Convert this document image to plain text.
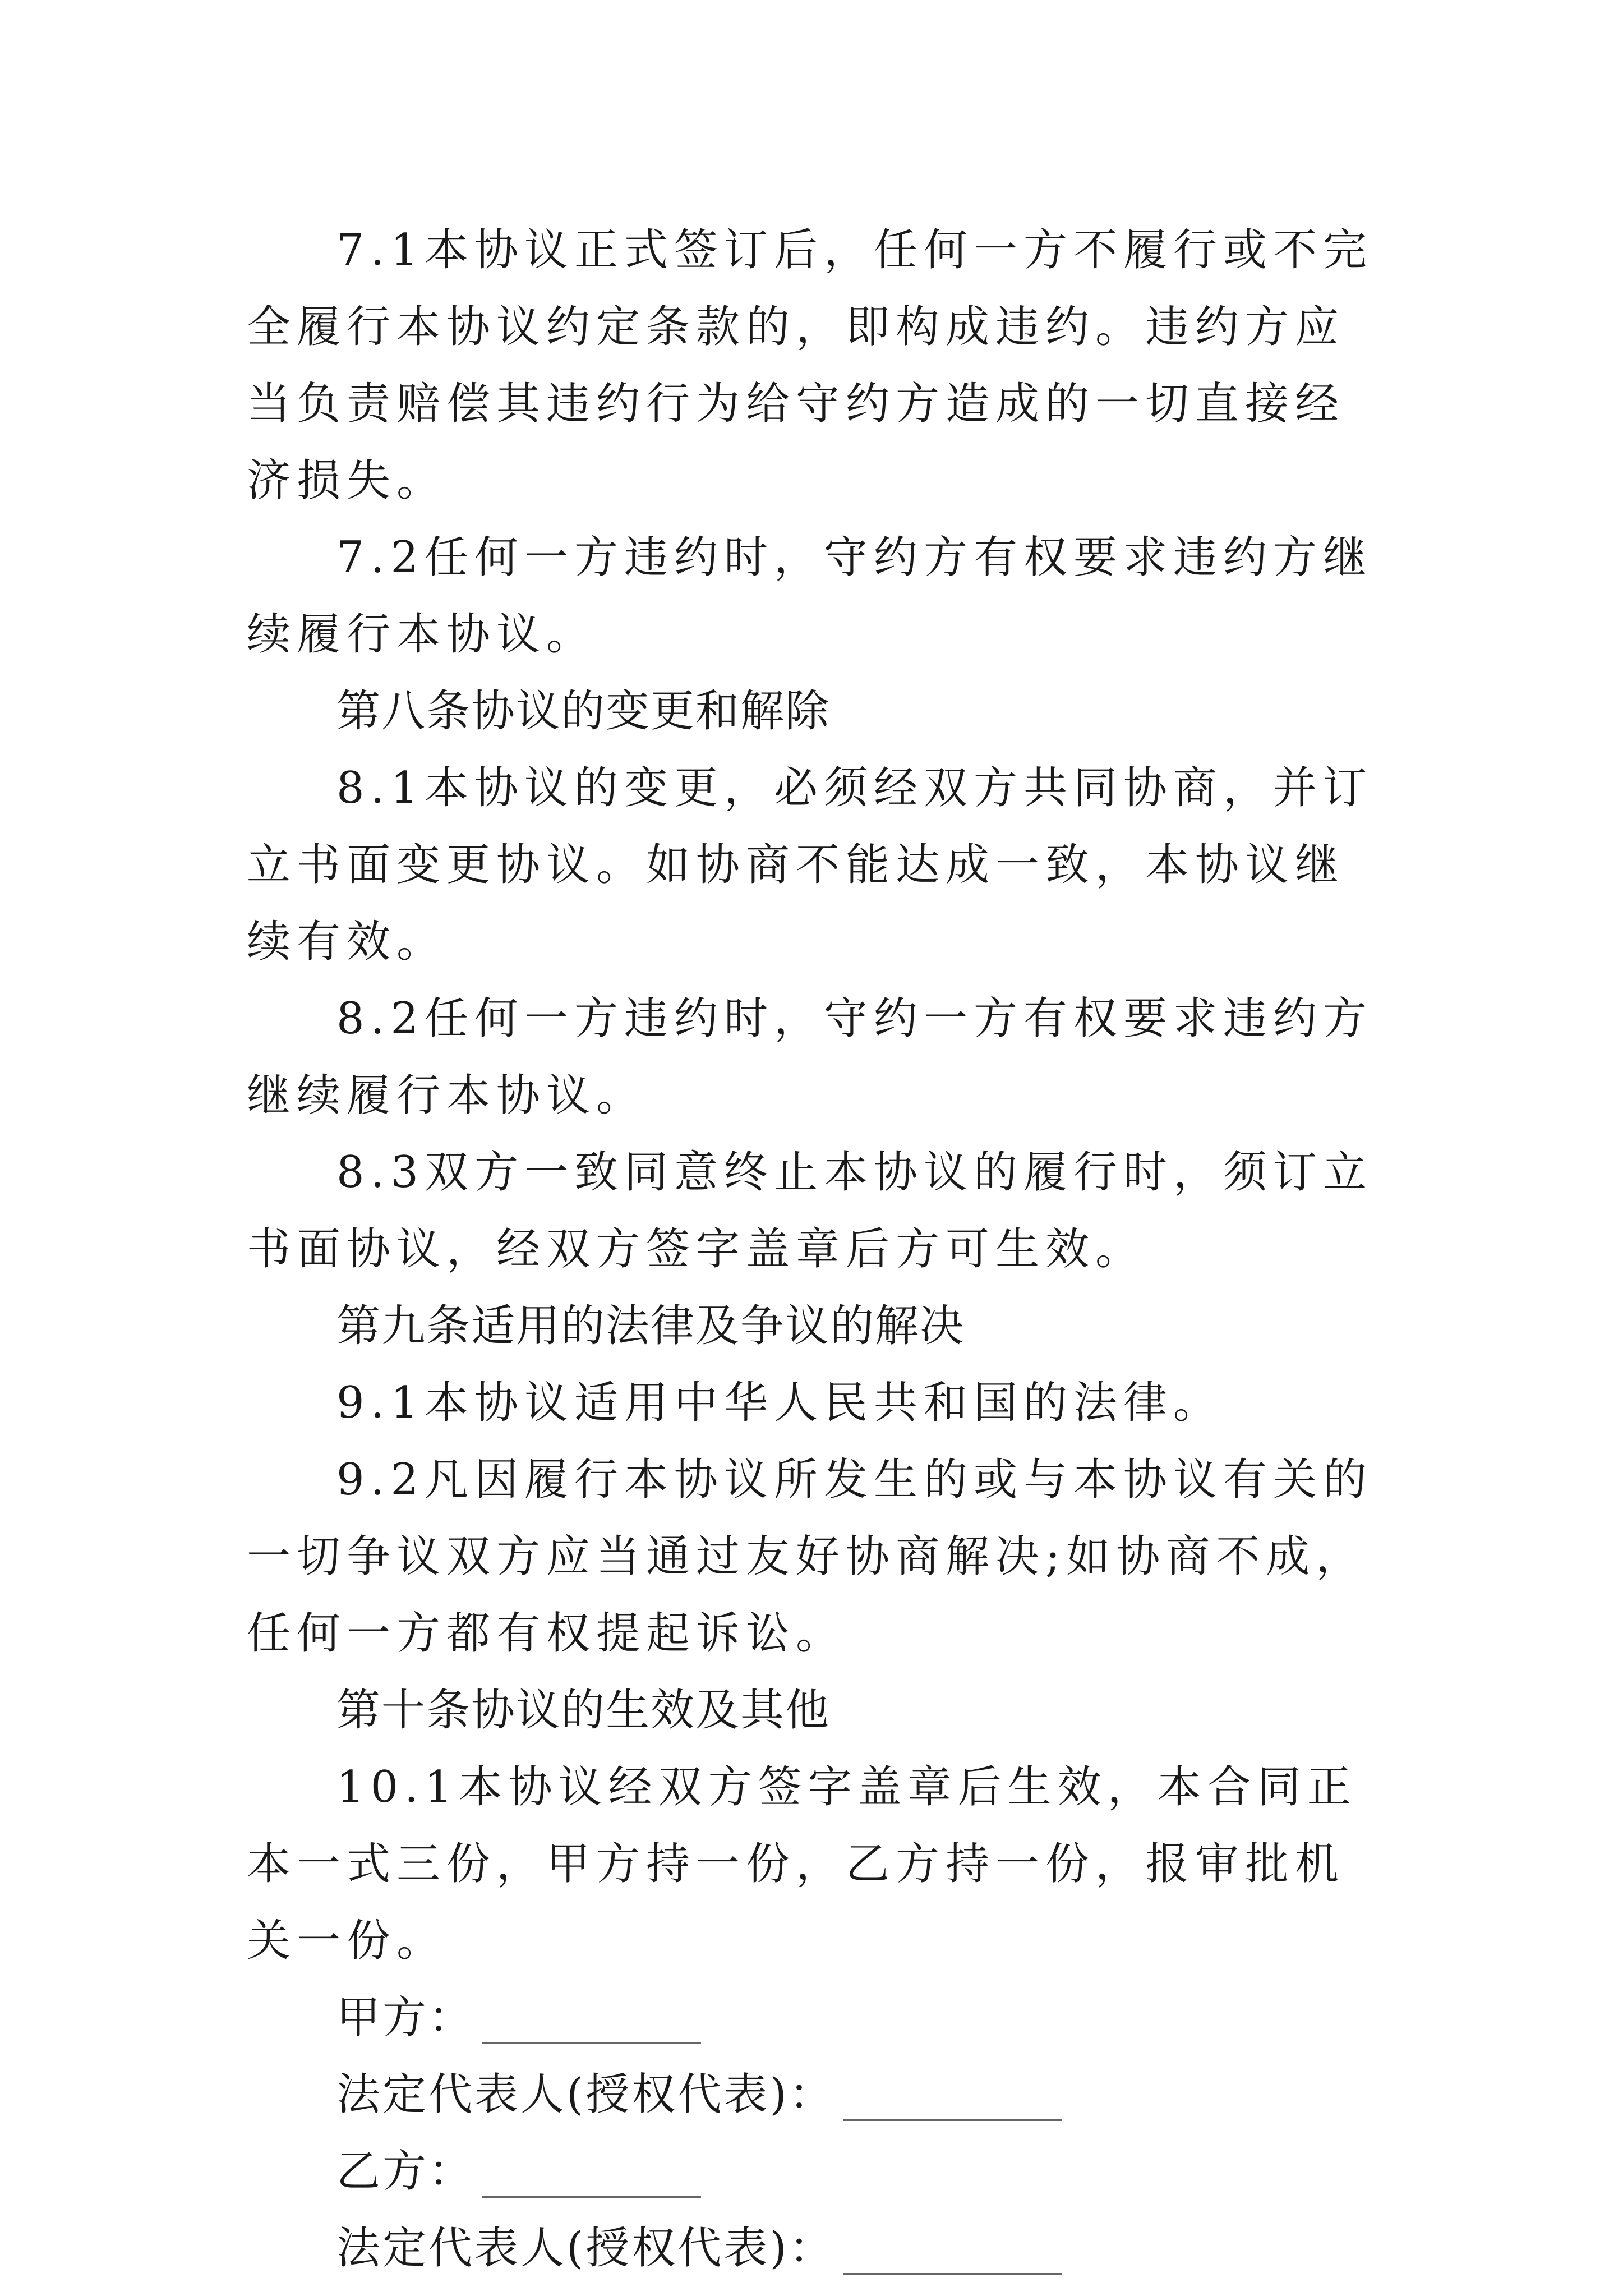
7.1本协议正式签订后，任何一方不履行或不完全履行本协议约定条款的，即构成违约。违约方应当负责赔偿其违约行为给守约方造成的一切直接经济损失。

7.2任何一方违约时，守约方有权要求违约方继续履行本协议。

第八条协议的变更和解除

8.1本协议的变更，必须经双方共同协商，并订立书面变更协议。如协商不能达成一致，本协议继续有效。

8.2任何一方违约时，守约一方有权要求违约方继续履行本协议。

8.3双方一致同意终止本协议的履行时，须订立书面协议，经双方签字盖章后方可生效。

第九条适用的法律及争议的解决

9.1本协议适用中华人民共和国的法律。

9.2凡因履行本协议所发生的或与本协议有关的一切争议双方应当通过友好协商解决;如协商不成，任何一方都有权提起诉讼。

第十条协议的生效及其他

10.1本协议经双方签字盖章后生效，本合同正本一式三份，甲方持一份，乙方持一份，报审批机关一份。

甲方：
法定代表人(授权代表)：
乙方：
法定代表人(授权代表)：
